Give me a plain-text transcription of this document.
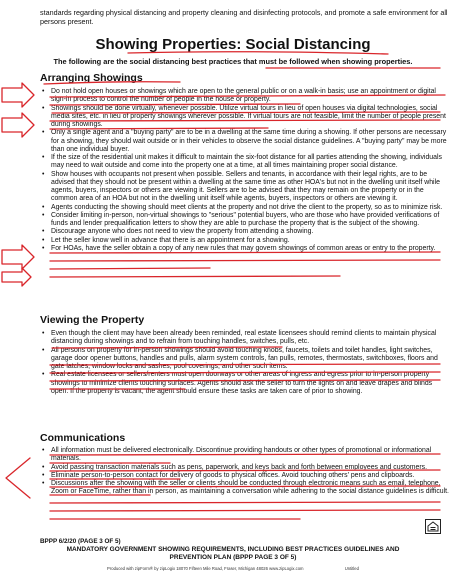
standards regarding physical distancing and property cleaning and disinfecting protocols, and promote a safe environment for all persons present.
Showing Properties: Social Distancing
The following are the social distancing best practices that must be followed when showing properties.
Arranging Showings
• Do not hold open houses or showings which are open to the general public or on a walk-in basis; use an appointment or digital sign-in process to control the number of people in the house or property.
• Showings should be done virtually, whenever possible. Utilize virtual tours in lieu of open houses via digital technologies, social media sites, etc. in lieu of property showings wherever possible. If virtual tours are not feasible, limit the number of people present during showings.
• Only a single agent and a "buying party" are to be in a dwelling at the same time during a showing. If other persons are necessary for a showing, they should wait outside or in their vehicles to observe the social distance guidelines. A "buying party" may be more than one individual buyer.
• If the size of the residential unit makes it difficult to maintain the six-foot distance for all parties attending the showing, individuals may need to wait outside and come into the property one at a time, at all times maintaining proper social distance.
• Show houses with occupants not present when possible. Sellers and tenants, in accordance with their legal rights, are to be advised that they should not be present within a dwelling at the same time as other HOA's but not in the dwelling unit itself while agents, buyers, inspectors or others are viewing it. Sellers are to be advised that they may remain on the property or in the common area of an HOA but not in the dwelling unit itself while agents, buyers, inspectors or others are viewing it.
• Agents conducting the showing should meet clients at the property and not drive the client to the property, so as to minimize risk.
• Consider limiting in-person, non-virtual showings to "serious" potential buyers, who are those who have provided verifications of funds and lender prequalification letters to show they are able to purchase the property that is the subject of the showing.
• Discourage anyone who does not need to view the property from attending a showing.
• Let the seller know well in advance that there is an appointment for a showing.
• For HOAs, have the seller obtain a copy of any new rules that may govern showings of common areas or entry to the property.
Viewing the Property
• Even though the client may have been already been reminded, real estate licensees should remind clients to maintain physical distancing during showings and to refrain from touching handles, switches, pulls, etc.
• All persons on property for in-person showings should avoid touching knobs, faucets, toilets and toilet handles, light switches, garage door opener buttons, handles and pulls, alarm system controls, fan pulls, remotes, thermostats, switchboxes, floors and gate latches, window locks and sashes, pool coverings, and other such items.
• Real estate licensees or sellers/renters must open doorways or other areas of ingress and egress prior to in-person property showings to minimize clients touching surfaces. Agents should ask the seller to turn the lights on and leave drapes and blinds open. If the property is vacant, the agent should ensure these tasks are taken care of prior to showing.
Communications
• All information must be delivered electronically. Discontinue providing handouts or other types of promotional or informational materials.
• Avoid passing transaction materials such as pens, paperwork, and keys back and forth between employees and customers.
• Eliminate person-to-person contact for delivery of goods to physical offices. Avoid touching others' pens and clipboards.
• Discussions after the showing with the seller or clients should be conducted through electronic means such as email, telephone, Zoom or FaceTime, rather than in person, as maintaining a conversation while adhering to the social distance guidelines is difficult.
BPPP 6/2/20 (PAGE 3 OF 5)
MANDATORY GOVERNMENT SHOWING REQUIREMENTS, INCLUDING BEST PRACTICES GUIDELINES AND
PREVENTION PLAN (BPPP PAGE 3 OF 5)
Produced with zipForm® by zipLogix 18070 Fifteen Mile Road, Fraser, Michigan 48026 www.zipLogix.com	Untitled
